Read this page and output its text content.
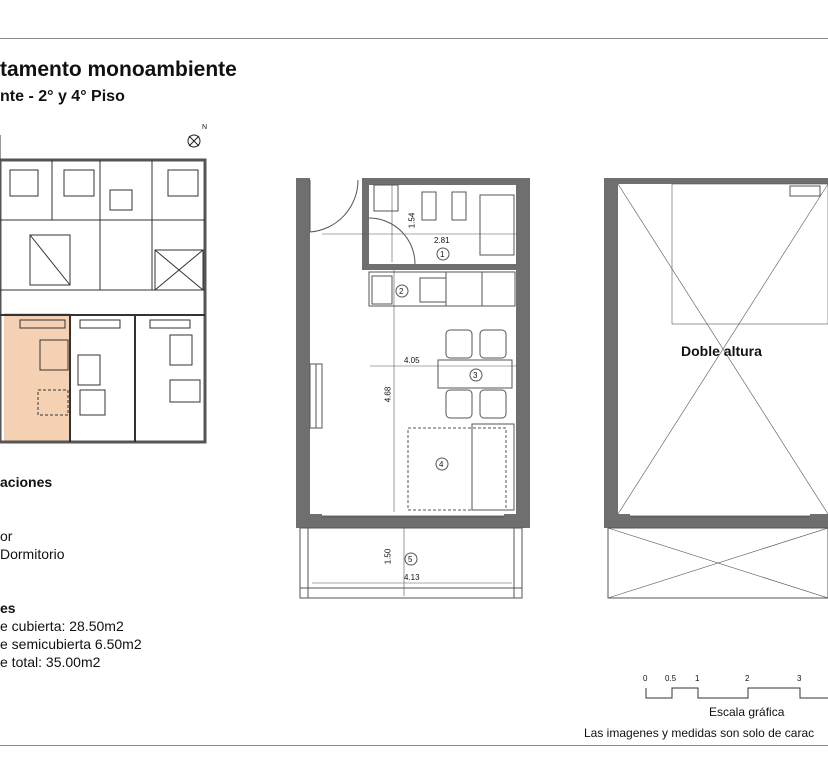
tamento monoambiente
nte - 2° y 4° Piso
1.54
2.81
4.05
4.68
1.50
4.13
1
2
3
4
5
N
Doble altura
aciones
or
Dormitorio
es
e cubierta: 28.50m2
e semicubierta 6.50m2
e total: 35.00m2
0 0.5 1	2	3
Escala gráfica
Las imagenes y medidas son solo de carac
